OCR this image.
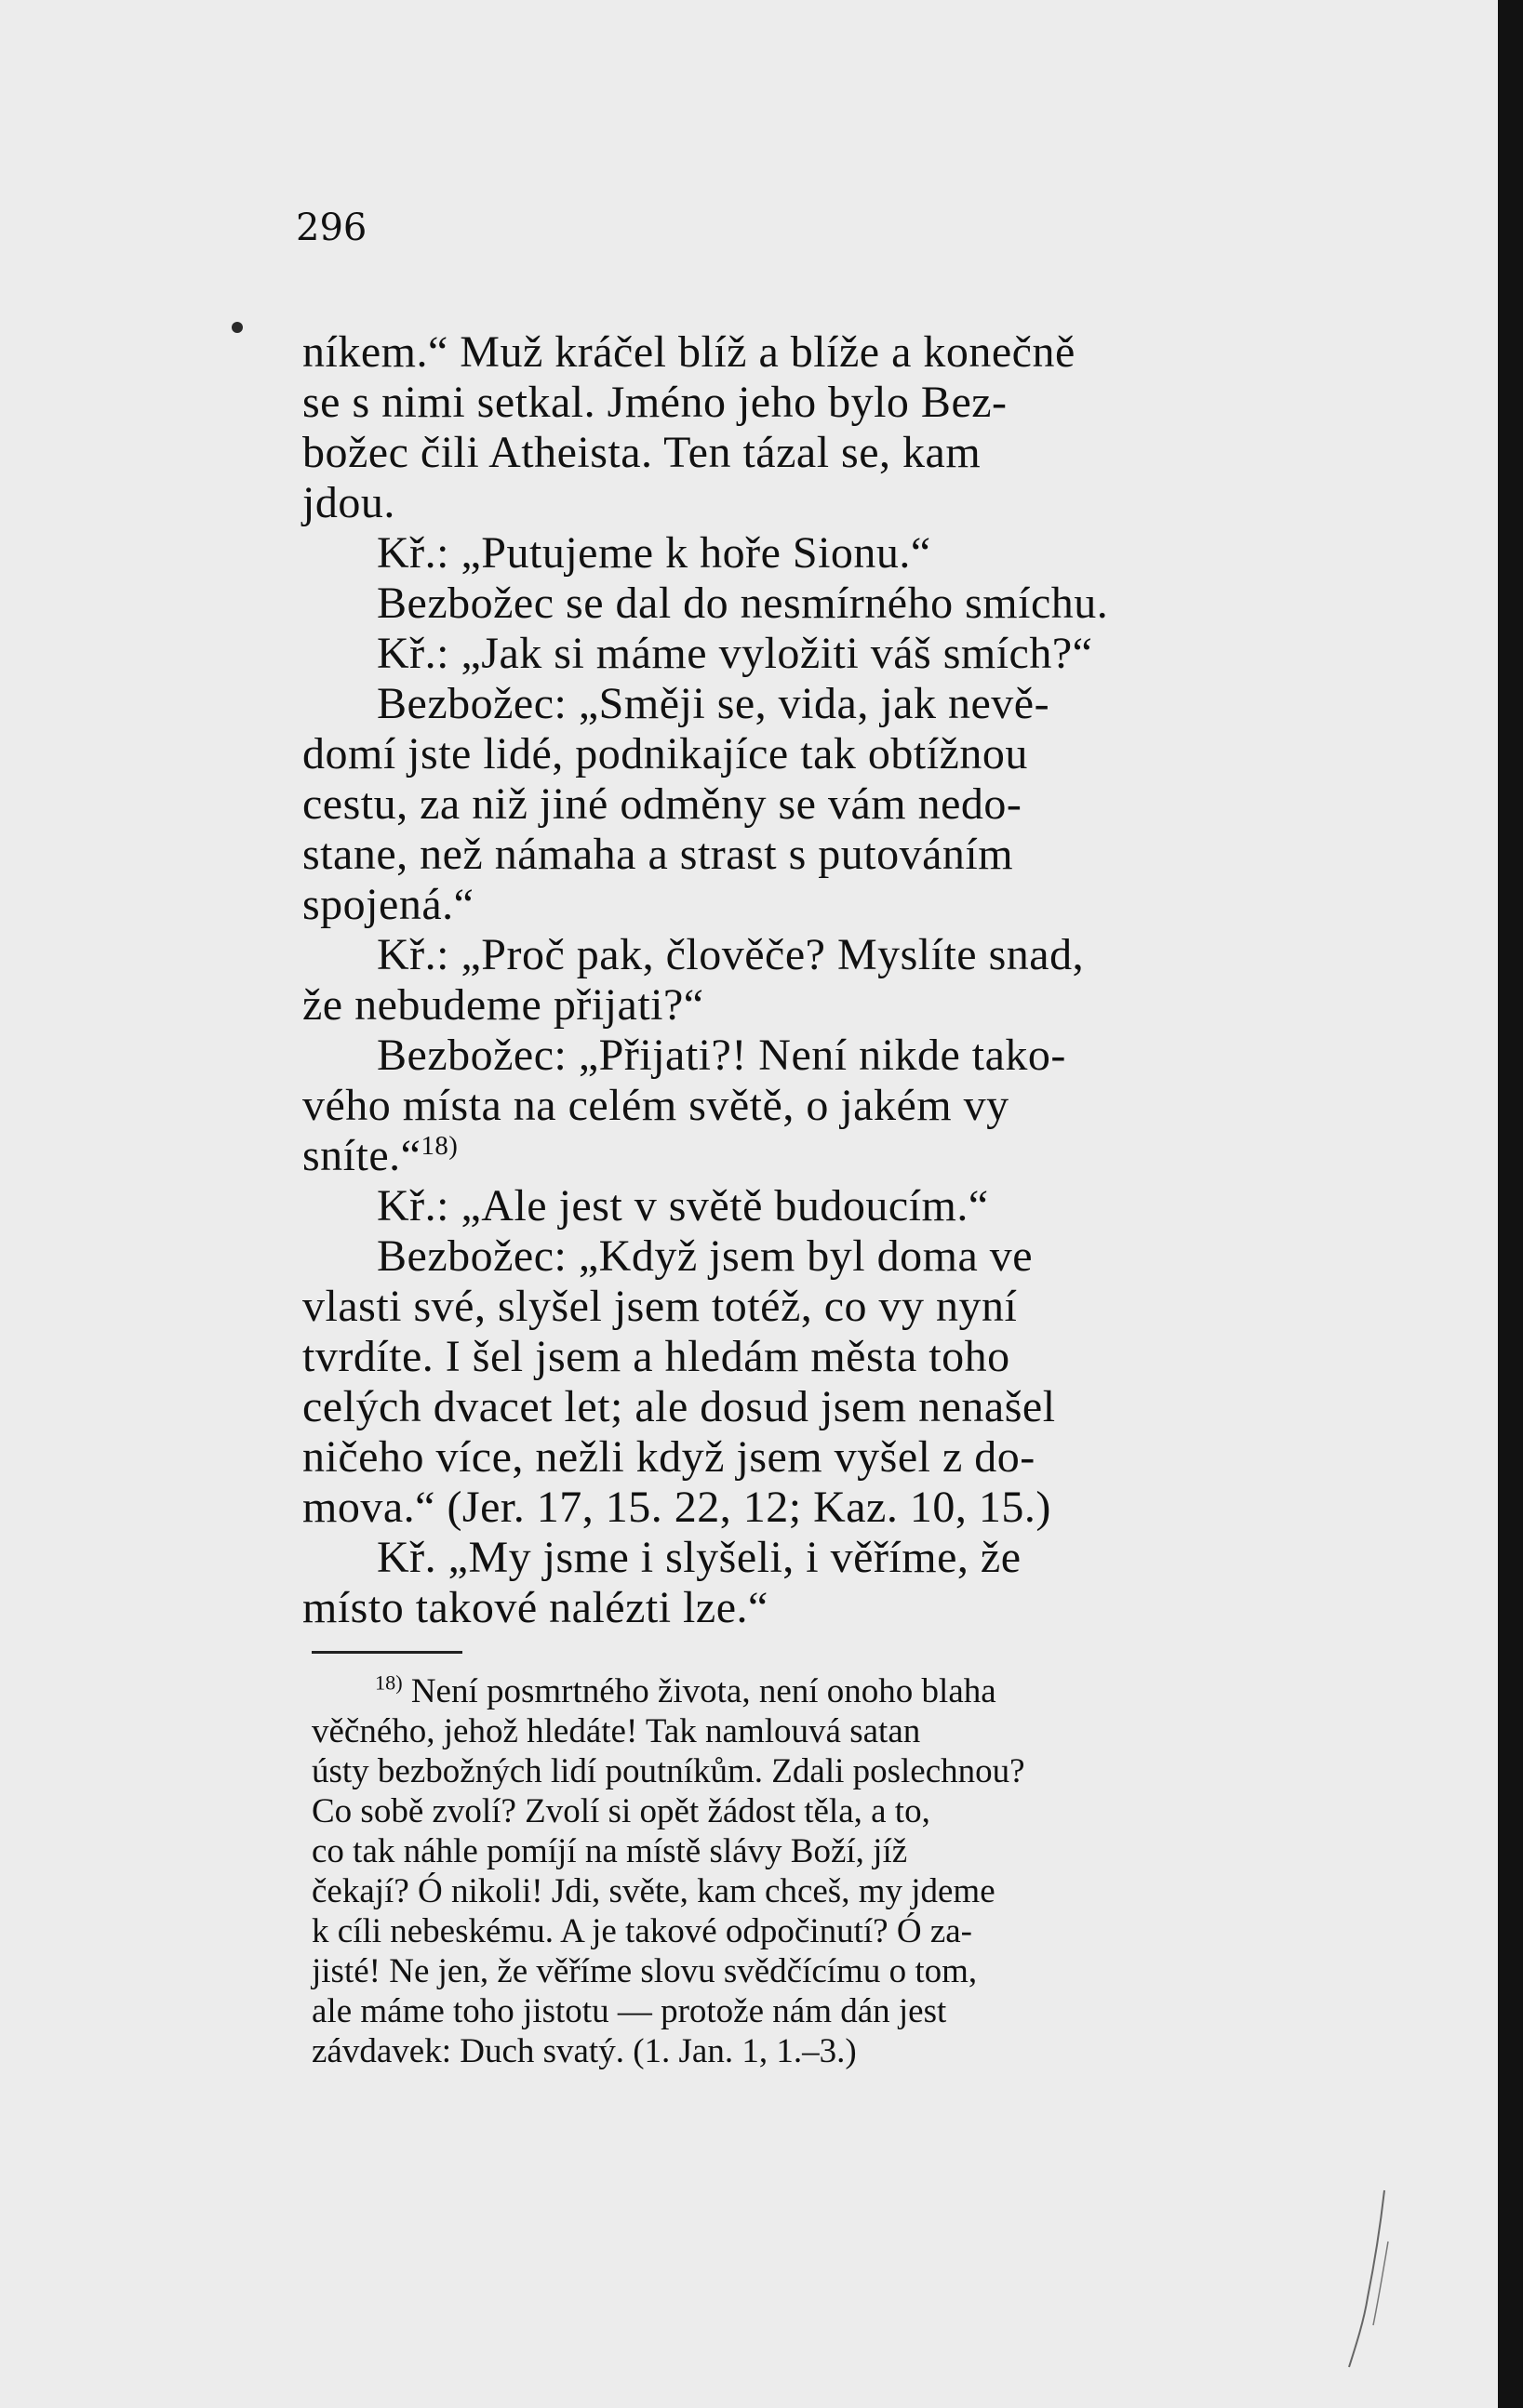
296

níkem.“ Muž kráčel blíž a blíže a konečně
se s nimi setkal. Jméno jeho bylo Bez-
božec čili Atheista. Ten tázal se, kam
jdou.
Kř.: „Putujeme k hoře Sionu.“
Bezbožec se dal do nesmírného smíchu.
Kř.: „Jak si máme vyložiti váš smích?“
Bezbožec: „Směji se, vida, jak nevě-
domí jste lidé, podnikajíce tak obtížnou
cestu, za niž jiné odměny se vám nedo-
stane, než námaha a strast s putováním
spojená.“
Kř.: „Proč pak, člověče? Myslíte snad,
že nebudeme přijati?“
Bezbožec: „Přijati?! Není nikde tako-
vého místa na celém světě, o jakém vy
sníte.“$^{18)}$
Kř.: „Ale jest v světě budoucím.“
Bezbožec: „Když jsem byl doma ve
vlasti své, slyšel jsem totéž, co vy nyní
tvrdíte. I šel jsem a hledám města toho
celých dvacet let; ale dosud jsem nenašel
ničeho více, nežli když jsem vyšel z do-
mova.“ (Jer. 17, 15. 22, 12; Kaz. 10, 15.)
Kř. „My jsme i slyšeli, i věříme, že
místo takové nalézti lze.“
$^{18)}$ Není posmrtného života, není onoho blaha
věčného, jehož hledáte! Tak namlouvá satan
ústy bezbožných lidí poutníkům. Zdali poslechnou?
Co sobě zvolí? Zvolí si opět žádost těla, a to,
co tak náhle pomíjí na místě slávy Boží, jíž
čekají? Ó nikoli! Jdi, světe, kam chceš, my jdeme
k cíli nebeskému. A je takové odpočinutí? Ó za-
jisté! Ne jen, že věříme slovu svědčícímu o tom,
ale máme toho jistotu — protože nám dán jest
závdavek: Duch svatý. (1. Jan. 1, 1.–3.)
